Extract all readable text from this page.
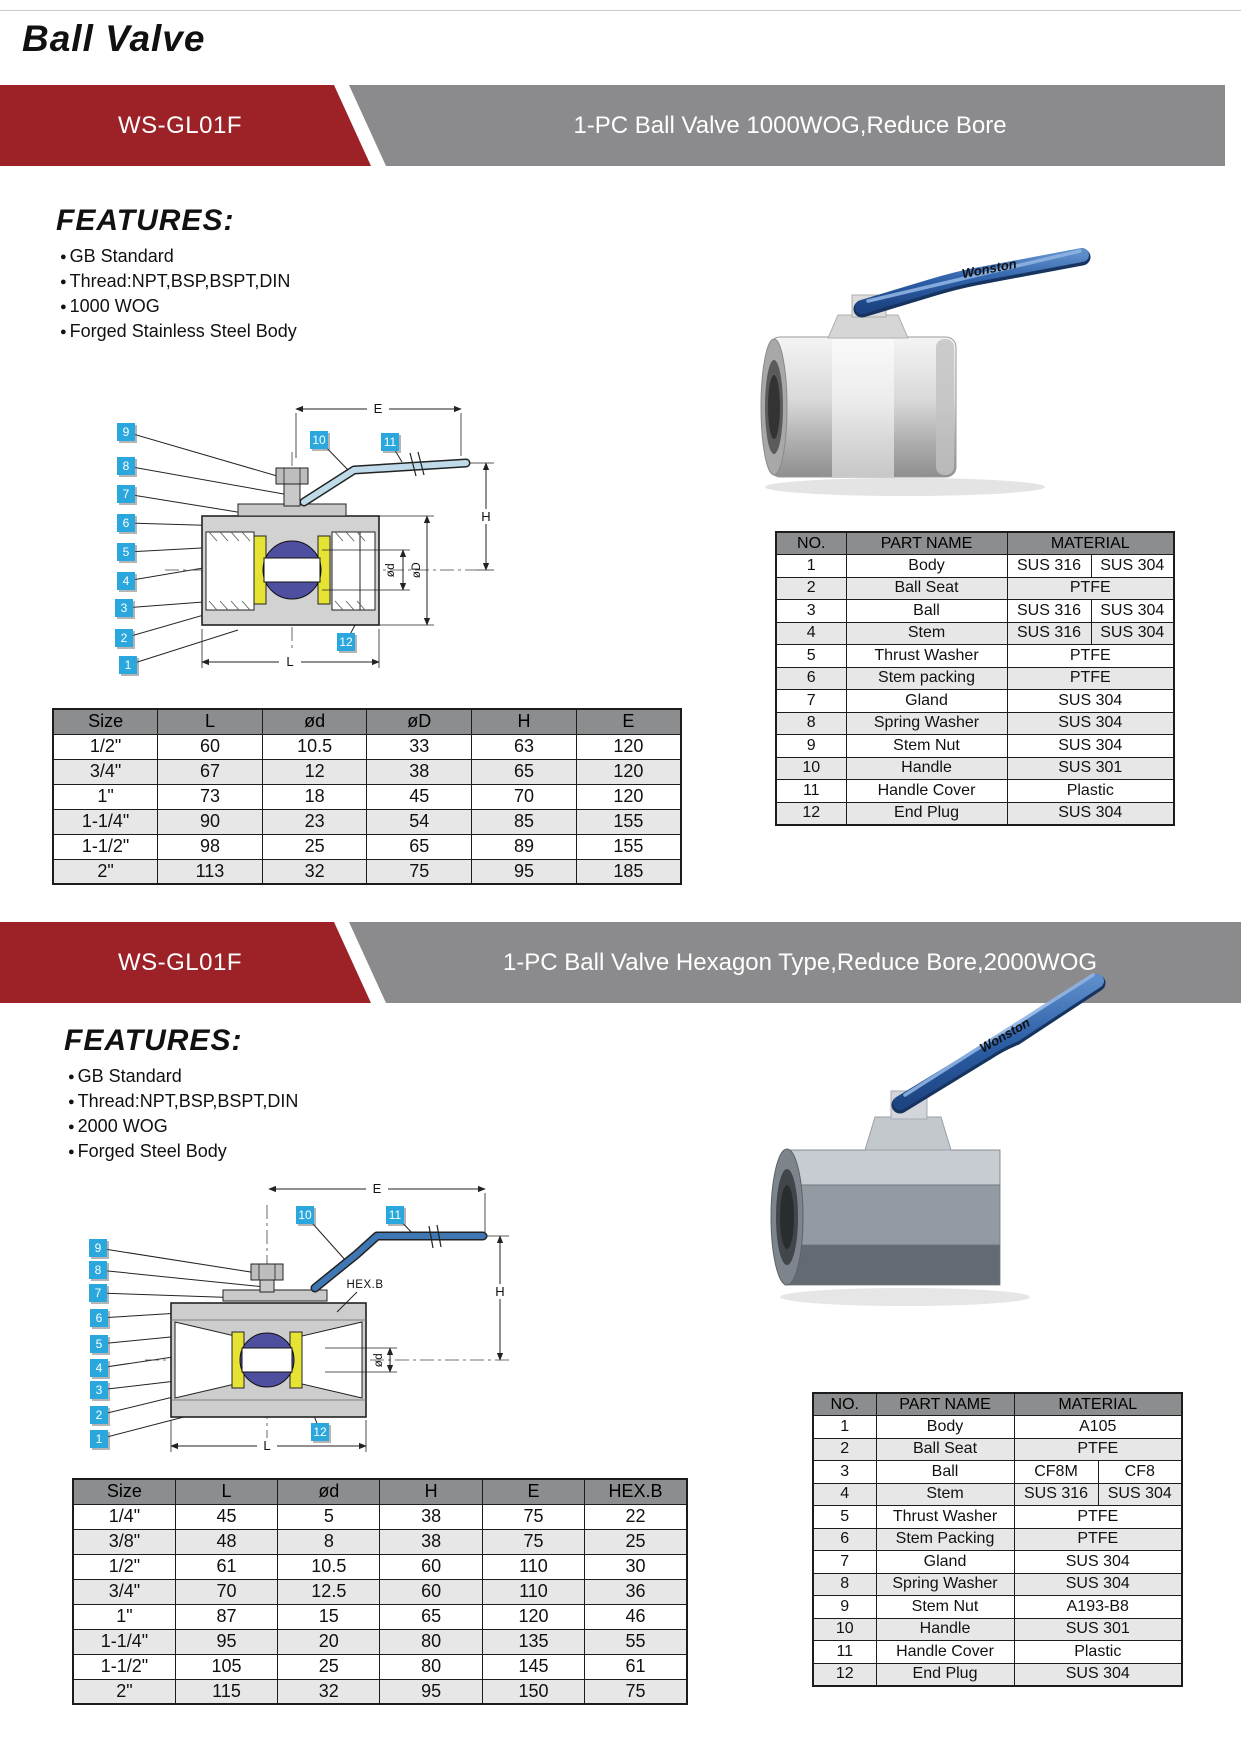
Ball Valve
WS-GL01F	1-PC Ball Valve 1000WOG,Reduce Bore
FEATURES:
● GB Standard
● Thread:NPT,BSP,BSPT,DIN
● 1000 WOG
● Forged Stainless Steel Body
E
H
ød øD
L
1
2
3
4
5
6
7
8
9
10	11
12
Wonston
Size	L	ød	øD	H	E
1/2"	60	10.5	33	63	120
3/4"	67	12	38	65	120
1"	73	18	45	70	120
1-1/4"	90	23	54	85	155
1-1/2"	98	25	65	89	155
2"	113	32	75	95	185
NO.	PART NAME	MATERIAL	
1	Body	SUS 316	SUS 304
2	Ball Seat	PTFE	
3	Ball	SUS 316	SUS 304
4	Stem	SUS 316	SUS 304
5	Thrust Washer	PTFE	
6	Stem packing	PTFE	
7	Gland	SUS 304	
8	Spring Washer	SUS 304	
9	Stem Nut	SUS 304	
10	Handle	SUS 301	
11	Handle Cover	Plastic	
12	End Plug	SUS 304	
WS-GL01F	1-PC Ball Valve Hexagon Type,Reduce Bore,2000WOG
FEATURES:
● GB Standard
● Thread:NPT,BSP,BSPT,DIN
● 2000 WOG
● Forged Steel Body
E
H
ød
HEX.B
L
1
2
3
4
5
6
7
8
9
10	11
12
Wonston
Size	L	ød	H	E	HEX.B
1/4"	45	5	38	75	22
3/8"	48	8	38	75	25
1/2"	61	10.5	60	110	30
3/4"	70	12.5	60	110	36
1"	87	15	65	120	46
1-1/4"	95	20	80	135	55
1-1/2"	105	25	80	145	61
2"	115	32	95	150	75
NO.	PART NAME	MATERIAL	
1	Body	A105	
2	Ball Seat	PTFE	
3	Ball	CF8M	CF8
4	Stem	SUS 316	SUS 304
5	Thrust Washer	PTFE	
6	Stem Packing	PTFE	
7	Gland	SUS 304	
8	Spring Washer	SUS 304	
9	Stem Nut	A193-B8	
10	Handle	SUS 301	
11	Handle Cover	Plastic	
12	End Plug	SUS 304	
